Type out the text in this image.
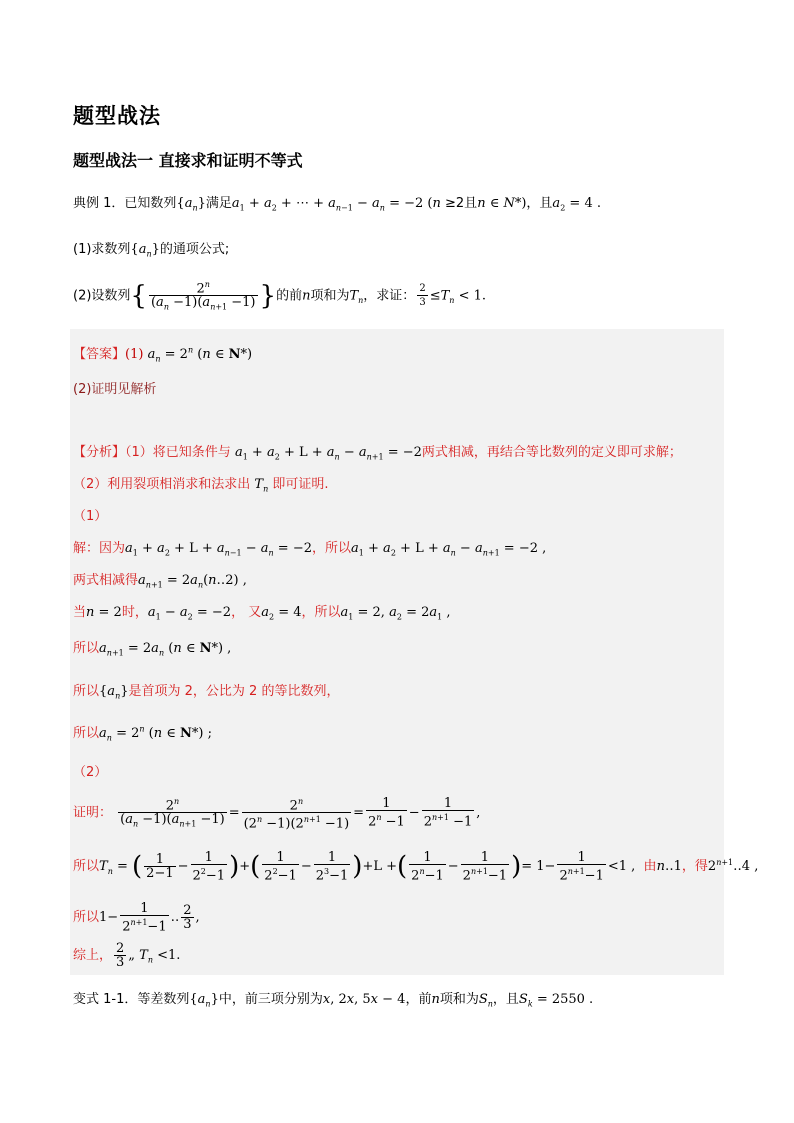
题型战法
题型战法一 直接求和证明不等式
典例 1．已知数列$\{a_n\}$满足$a_1 + a_2$ + ⋯ + $a_{n-1} - a_n = -2$ (n ≥2且n ∈ N*)，且$a_2 = 4$ .
(1)求数列$\{a_n\}$的通项公式;
(2)设数列{ $\frac{2^n}{(a_n -1)(a_{n+1} -1)}$ }的前n项和为$T_n$，求证： $\frac{2}{3} \le T_n < 1$.
【答案】(1) $a_n = 2^n$ (n ∈ N*)
(2)证明见解析
【分析】（1）将已知条件与 $a_1 + a_2 + L + a_n - a_{n+1} = -2$两式相减，再结合等比数列的定义即可求解；
（2）利用裂项相消求和法求出 $T_n$ 即可证明.
（1）
解：因为$a_1 + a_2 + L + a_{n-1} - a_n = -2$，所以$a_1 + a_2 + L + a_n - a_{n+1} = -2$ ,
两式相减得$a_{n+1}$ = $2a_n(n‥2)$ ,
当n = 2时，$a_1 - a_2 = -2$， 又$a_2 = 4$，所以$a_1 = 2$, $a_2 = 2a_1$ ,
所以$a_{n+1} = 2a_n$ (n ∈ N*) ,
所以$\{a_n\}$是首项为 2，公比为 2 的等比数列，
所以$a_n = 2^n$ (n ∈ N*) ;
（2）
证明： $\frac{2^n}{(a_n -1)(a_{n+1} -1)} = \frac{2^n}{(2^n -1)(2^{n+1} -1)} = \frac{1}{2^n -1} - \frac{1}{2^{n+1} -1}$ ,
所以$T_n$ = ( $\frac{1}{2-1} - \frac{1}{2^2-1}$ )+( $\frac{1}{2^2-1} - \frac{1}{2^3-1} )+L$ +( $\frac{1}{2^n-1} - \frac{1}{2^{n+1}-1}$ )= $1- \frac{1}{2^{n+1}-1} <1$ ,  由n‥1，得$2^{n+1}‥4$ ,
所以$1- \frac{1}{2^{n+1}-1}$ ‥ $\frac{2}{3}$ ,
综上， $\frac{2}{3}$ „ $T_n <1$.
变式 1-1．等差数列$\{a_n\}$中，前三项分别为x, 2x, 5x − 4，前n项和为$S_n$，且$S_k = 2550$ .
